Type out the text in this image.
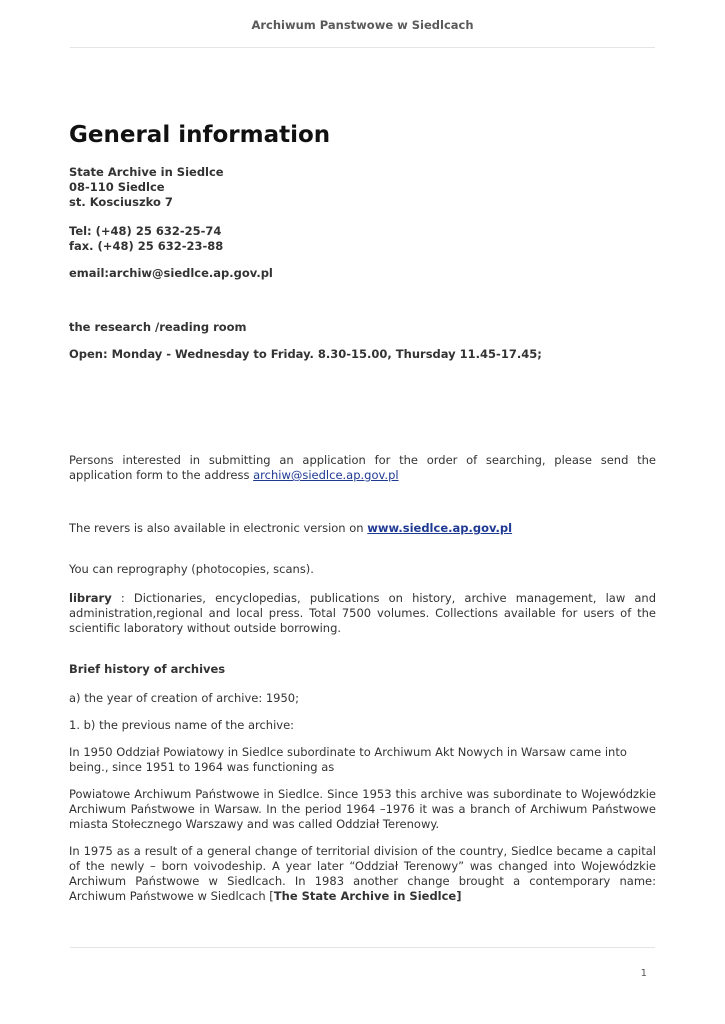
Archiwum Panstwowe w Siedlcach
General information
State Archive in Siedlce
08-110 Siedlce
st. Kosciuszko 7
Tel: (+48) 25 632-25-74
fax. (+48) 25 632-23-88

email:archiw@siedlce.ap.gov.pl

the research /reading room

Open: Monday - Wednesday to Friday. 8.30-15.00, Thursday 11.45-17.45;

Persons interested in submitting an application for the order of searching, please send the application form to the address archiw@siedlce.ap.gov.pl

The revers is also available in electronic version on www.siedlce.ap.gov.pl

You can reprography (photocopies, scans).

library : Dictionaries, encyclopedias, publications on history, archive management, law and administration,regional and local press. Total 7500 volumes. Collections available for users of the scientific laboratory without outside borrowing.

Brief history of archives

a) the year of creation of archive: 1950;

1. b) the previous name of the archive:

In 1950 Oddział Powiatowy in Siedlce subordinate to Archiwum Akt Nowych in Warsaw came into being., since 1951 to 1964 was functioning as

Powiatowe Archiwum Państwowe in Siedlce. Since 1953 this archive was subordinate to Wojewódzkie Archiwum Państwowe in Warsaw. In the period 1964 –1976 it was a branch of Archiwum Państwowe miasta Stołecznego Warszawy and was called Oddział Terenowy.

In 1975 as a result of a general change of territorial division of the country, Siedlce became a capital of the newly – born voivodeship. A year later “Oddział Terenowy” was changed into Wojewódzkie Archiwum Państwowe w Siedlcach. In 1983 another change brought a contemporary name: Archiwum Państwowe w Siedlcach [The State Archive in Siedlce]

1
